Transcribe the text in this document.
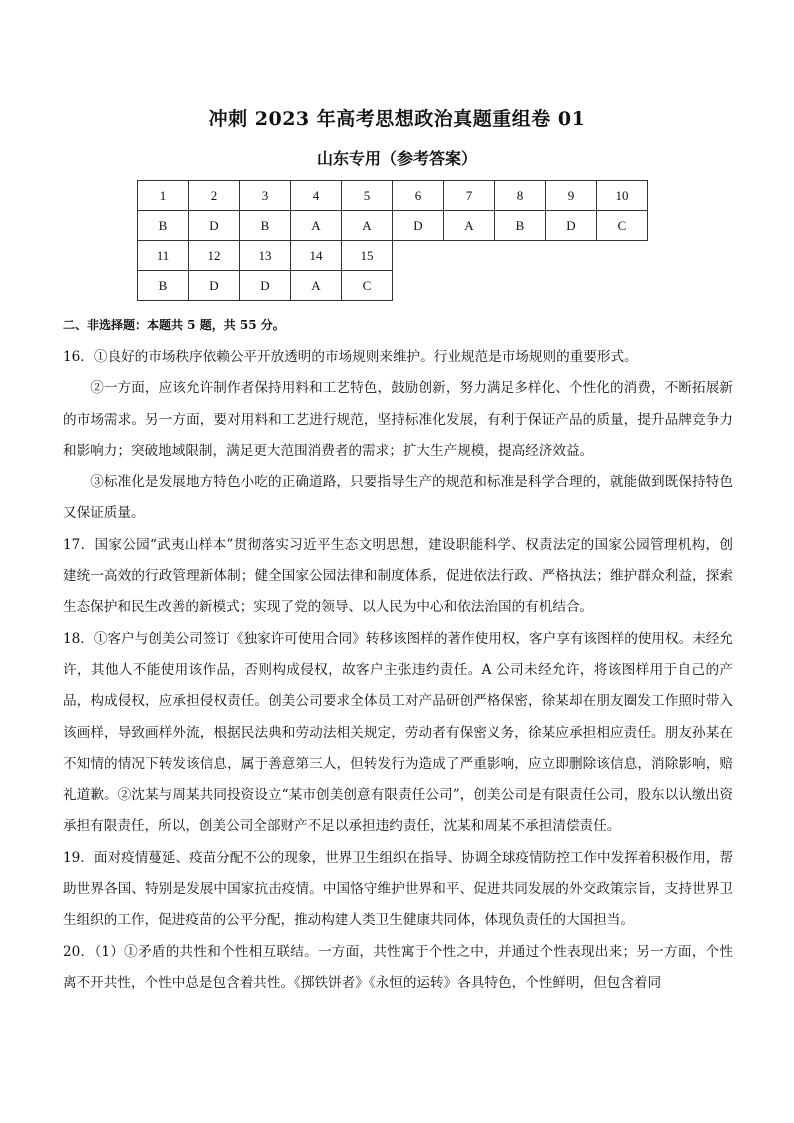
冲刺 2023 年高考思想政治真题重组卷 01
山东专用（参考答案）
1	2	3	4	5	6	7	8	9	10
B	D	B	A	A	D	A	B	D	C
11	12	13	14	15					
B	D	D	A	C					
二、非选择题：本题共 5 题，共 55 分。

16．①良好的市场秩序依赖公平开放透明的市场规则来维护。行业规范是市场规则的重要形式。

②一方面，应该允许制作者保持用料和工艺特色，鼓励创新，努力满足多样化、个性化的消费，不断拓展新的市场需求。另一方面，要对用料和工艺进行规范，坚持标准化发展，有利于保证产品的质量，提升品牌竞争力和影响力；突破地域限制，满足更大范围消费者的需求；扩大生产规模，提高经济效益。

③标准化是发展地方特色小吃的正确道路，只要指导生产的规范和标准是科学合理的，就能做到既保持特色又保证质量。

17．国家公园“武夷山样本”贯彻落实习近平生态文明思想，建设职能科学、权责法定的国家公园管理机构，创建统一高效的行政管理新体制；健全国家公园法律和制度体系，促进依法行政、严格执法；维护群众利益，探索生态保护和民生改善的新模式；实现了党的领导、以人民为中心和依法治国的有机结合。

18．①客户与创美公司签订《独家许可使用合同》转移该图样的著作使用权，客户享有该图样的使用权。未经允许，其他人不能使用该作品，否则构成侵权，故客户主张违约责任。A 公司未经允许，将该图样用于自己的产品，构成侵权，应承担侵权责任。创美公司要求全体员工对产品研创严格保密，徐某却在朋友圈发工作照时带入该画样，导致画样外流，根据民法典和劳动法相关规定，劳动者有保密义务，徐某应承担相应责任。朋友孙某在不知情的情况下转发该信息，属于善意第三人，但转发行为造成了严重影响，应立即删除该信息，消除影响，赔礼道歉。②沈某与周某共同投资设立“某市创美创意有限责任公司”，创美公司是有限责任公司，股东以认缴出资承担有限责任，所以，创美公司全部财产不足以承担违约责任，沈某和周某不承担清偿责任。

19．面对疫情蔓延、疫苗分配不公的现象，世界卫生组织在指导、协调全球疫情防控工作中发挥着积极作用，帮助世界各国、特别是发展中国家抗击疫情。中国恪守维护世界和平、促进共同发展的外交政策宗旨，支持世界卫生组织的工作，促进疫苗的公平分配，推动构建人类卫生健康共同体，体现负责任的大国担当。

20．（1）①矛盾的共性和个性相互联结。一方面，共性寓于个性之中，并通过个性表现出来；另一方面，个性离不开共性，个性中总是包含着共性。《掷铁饼者》《永恒的运转》各具特色，个性鲜明，但包含着同
